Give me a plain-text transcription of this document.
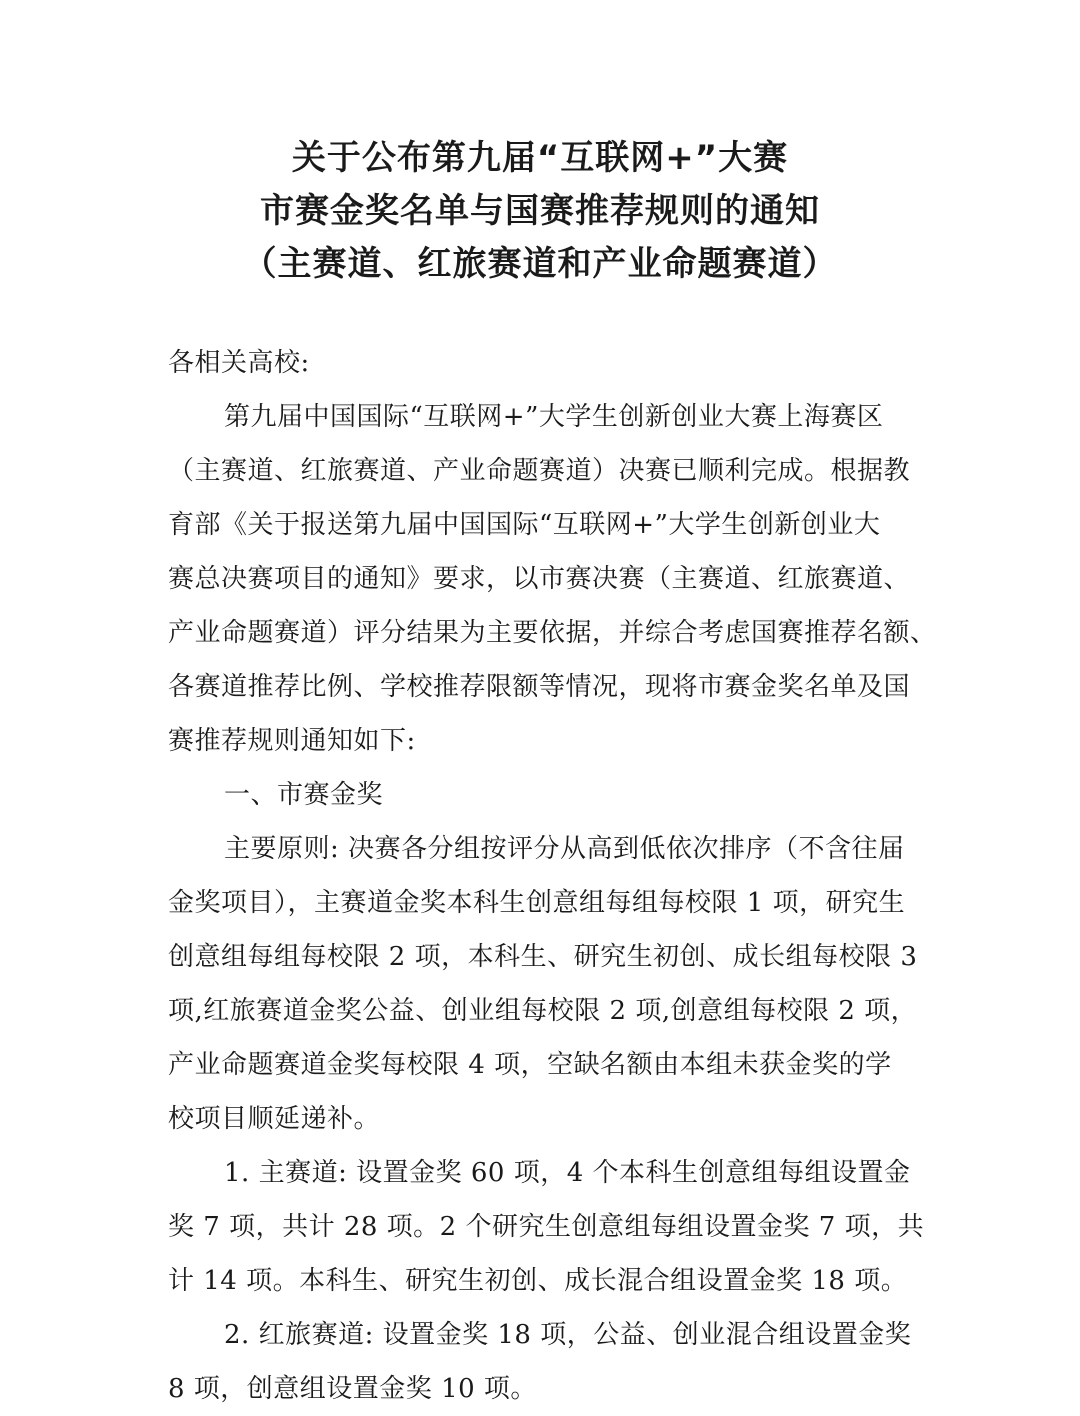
关于公布第九届“互联网+”大赛
市赛金奖名单与国赛推荐规则的通知
（主赛道、红旅赛道和产业命题赛道）
各相关高校:
第九届中国国际“互联网+”大学生创新创业大赛上海赛区
（主赛道、红旅赛道、产业命题赛道）决赛已顺利完成。根据教
育部《关于报送第九届中国国际“互联网+”大学生创新创业大
赛总决赛项目的通知》要求，以市赛决赛（主赛道、红旅赛道、
产业命题赛道）评分结果为主要依据，并综合考虑国赛推荐名额、
各赛道推荐比例、学校推荐限额等情况，现将市赛金奖名单及国
赛推荐规则通知如下:
一、市赛金奖
主要原则: 决赛各分组按评分从高到低依次排序（不含往届
金奖项目），主赛道金奖本科生创意组每组每校限 1 项，研究生
创意组每组每校限 2 项，本科生、研究生初创、成长组每校限 3
项,红旅赛道金奖公益、创业组每校限 2 项,创意组每校限 2 项，
产业命题赛道金奖每校限 4 项，空缺名额由本组未获金奖的学
校项目顺延递补。
1. 主赛道: 设置金奖 60 项，4 个本科生创意组每组设置金
奖 7 项，共计 28 项。2 个研究生创意组每组设置金奖 7 项，共
计 14 项。本科生、研究生初创、成长混合组设置金奖 18 项。
2. 红旅赛道: 设置金奖 18 项，公益、创业混合组设置金奖
8 项，创意组设置金奖 10 项。
